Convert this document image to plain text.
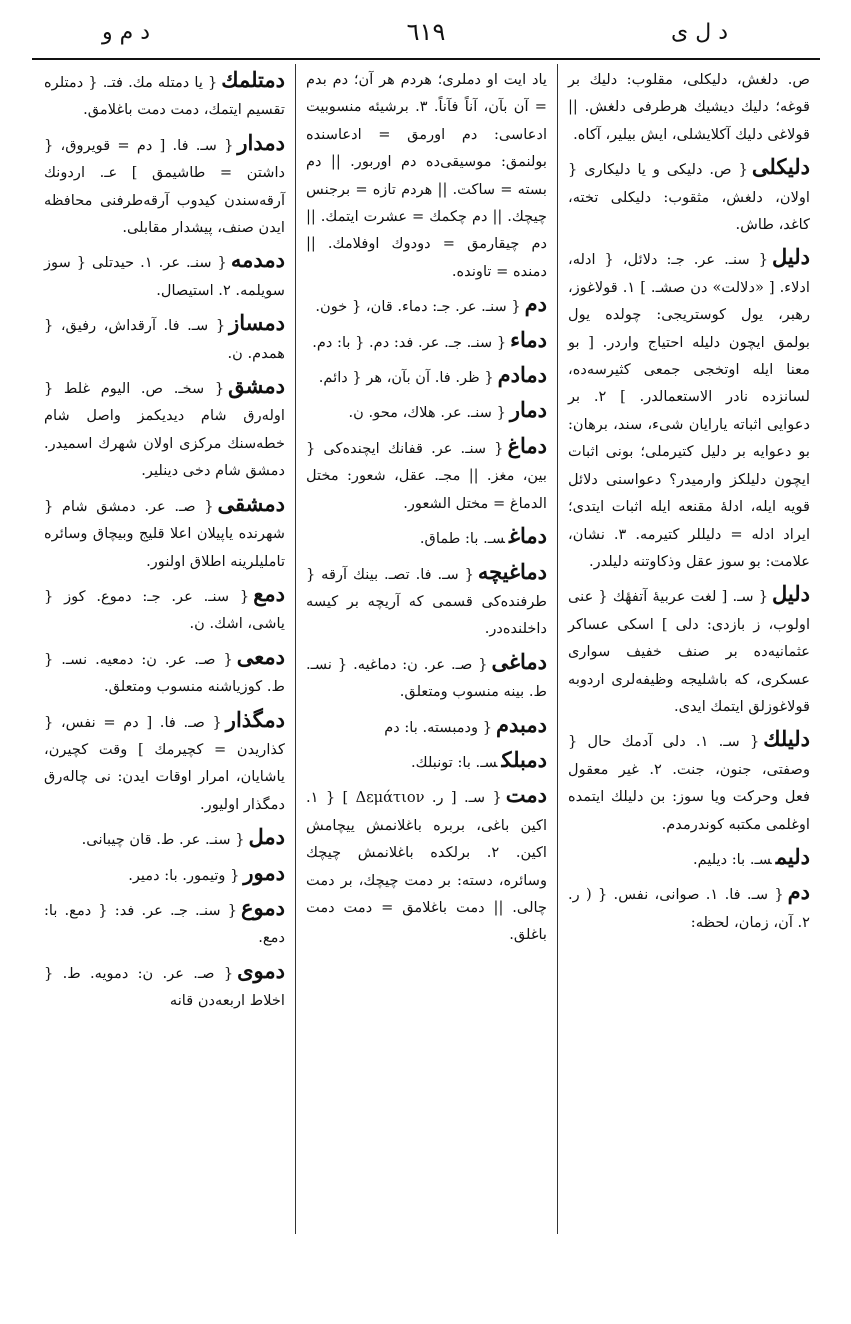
د ل ی
٦١٩
د م و

ص. دلغش، دلیکلی، مقلوب: دلیك بر قوغه؛ دلیك دیشیك هرطرفی دلغش. || قولاغی دلیك آکلایشلی، ایش بیلیر، آکاه.

دلیکلی{ ص. دلیکی و یا دلیکاری { اولان، دلغش، مثقوب: دلیکلی تخته، کاغد، طاش.

دلیل{ سنـ. عر. جـ: دلائل، { ادله، ادلاء. [ «دلالت» دن صشـ. ] ١. قولاغوز، رهبر، یول کوستریجی: چولده یول بولمق ایچون دلیله احتیاج واردر. [ بو معنا ایله اوتخجی جمعی کثیرسه‌ده، لسانزده نادر الاستعمالدر. ] ٢. بر دعوایی اثباته یارایان شیء، سند، برهان: بو دعوایه بر دلیل کتیرملی؛ بونی اثبات ایچون دلیلکز وارمیدر؟ دعواسنی دلائل قویه ایله، ادلهٔ مقنعه ایله اثبات ایتدی؛ ایراد ادله = دلیللر کتیرمه. ٣. نشان، علامت: بو سوز عقل وذکاوتنه دلیلدر.

دلیل{ سـ. [ لغت عربیهٔ آتفهٔك { عنی اولوب، ز بازدی: دلی ] اسکی عساکر عثمانیه‌ده بر صنف خفیف سواری عسکری، که باشلیجه وظیفه‌لری اردوبه قولاغوزلق ایتمك ایدی.

دلیلك{ سـ. ١. دلی آدمك حال { وصفتی، جنون، جنت. ٢. غیر معقول فعل وحرکت ویا سوز: بن دلیلك ایتمده اوغلمی مکتبه کوندرمدم.

دلیمسـ. با: دیلیم.

دم{ سـ. فا. ١. صوانی، نفس. { ( ر. ٢. آن، زمان، لحظه:

یاد ایت او دملری؛ هردم هر آن؛ دم بدم = آن بآن، آناً فآناً. ٣. برشیئه منسوبیت ادعاسی: دم اورمق = ادعاسنده بولنمق: موسیقی‌ده دم اوربور. || دم بسته = ساکت. || هردم تازه = برجنس چیچك. || دم چکمك = عشرت ایتمك. || دم چیقارمق = دودوك اوفلامك. || دمنده = تاونده.

دم{ سنـ. عر. جـ: دماء. قان، { خون.

دماء{ سنـ. جـ. عر. فد: دم. { با: دم.

دمادم{ ظر. فا. آن بآن، هر { دائم.

دمار{ سنـ. عر. هلاك، محو. ن.

دماغ{ سنـ. عر. قفانك ایچنده‌کی { بین، مغز. || مجـ. عقل، شعور: مختل الدماغ = مختل الشعور.

دماغسـ. با: طماق.

دماغیچه{ سـ. فا. تصـ. بینك آرقه { طرفنده‌کی قسمی که آریچه بر کیسه داخلنده‌در.

دماغی{ صـ. عر. ن: دماغیه. { نسـ. ط. بینه منسوب ومتعلق.

دمبدم{ ودمبسته. با: دم

دمبلكسـ. با: تونبلك.

دمت{ سـ. [ ر. Δεμάτιον ] { ١. اکین باغی، بربره باغلانمش ییچامش اکین. ٢. برلکده باغلانمش چیچك وسائره، دسته: بر دمت چیچك، بر دمت چالی. || دمت باغلامق = دمت دمت باغلق.

دمتلمك{ یا دمتله مك. فتـ. { دمتلره تقسیم ایتمك، دمت دمت باغلامق.

دمدار{ سـ. فا. [ دم = قویروق، { داشتن = طاشیمق ] عـ. اردونك آرقه‌سندن کیدوب آرقه‌طرفنی محافظه ایدن صنف، پیشدار مقابلی.

دمدمه{ سنـ. عر. ١. حیدتلی { سوز سویلمه. ٢. استیصال.

دمساز{ سـ. فا. آرقداش، رفیق، { همدم. ن.

دمشق{ سخـ. ص. الیوم غلط { اوله‌رق شام دیدیکمز واصل شام خطه‌سنك مرکزی اولان شهرك اسمیدر. دمشق شام دخی دینلیر.

دمشقی{ صـ. عر. دمشق شام { شهرنده یاپیلان اعلا قلیج وبیچاق وسائره تاملیلرینه اطلاق اولنور.

دمع{ سنـ. عر. جـ: دموع. کوز { یاشی، اشك. ن.

دمعی{ صـ. عر. ن: دمعیه. نسـ. { ط. کوزیاشنه منسوب ومتعلق.

دمگذار{ صـ. فا. [ دم = نفس، { کذاریدن = کچیرمك ] وقت کچیرن، یاشایان، امرار اوقات ایدن: نی چالەرق دمگذار اولیور.

دمل{ سنـ. عر. ط. قان چیبانی.

دمور{ وتیمور. با: دمیر.

دموع{ سنـ. جـ. عر. فد: { دمع. با: دمع.

دموی{ صـ. عر. ن: دمویه. ط. { اخلاط اربعه‌دن قانه
